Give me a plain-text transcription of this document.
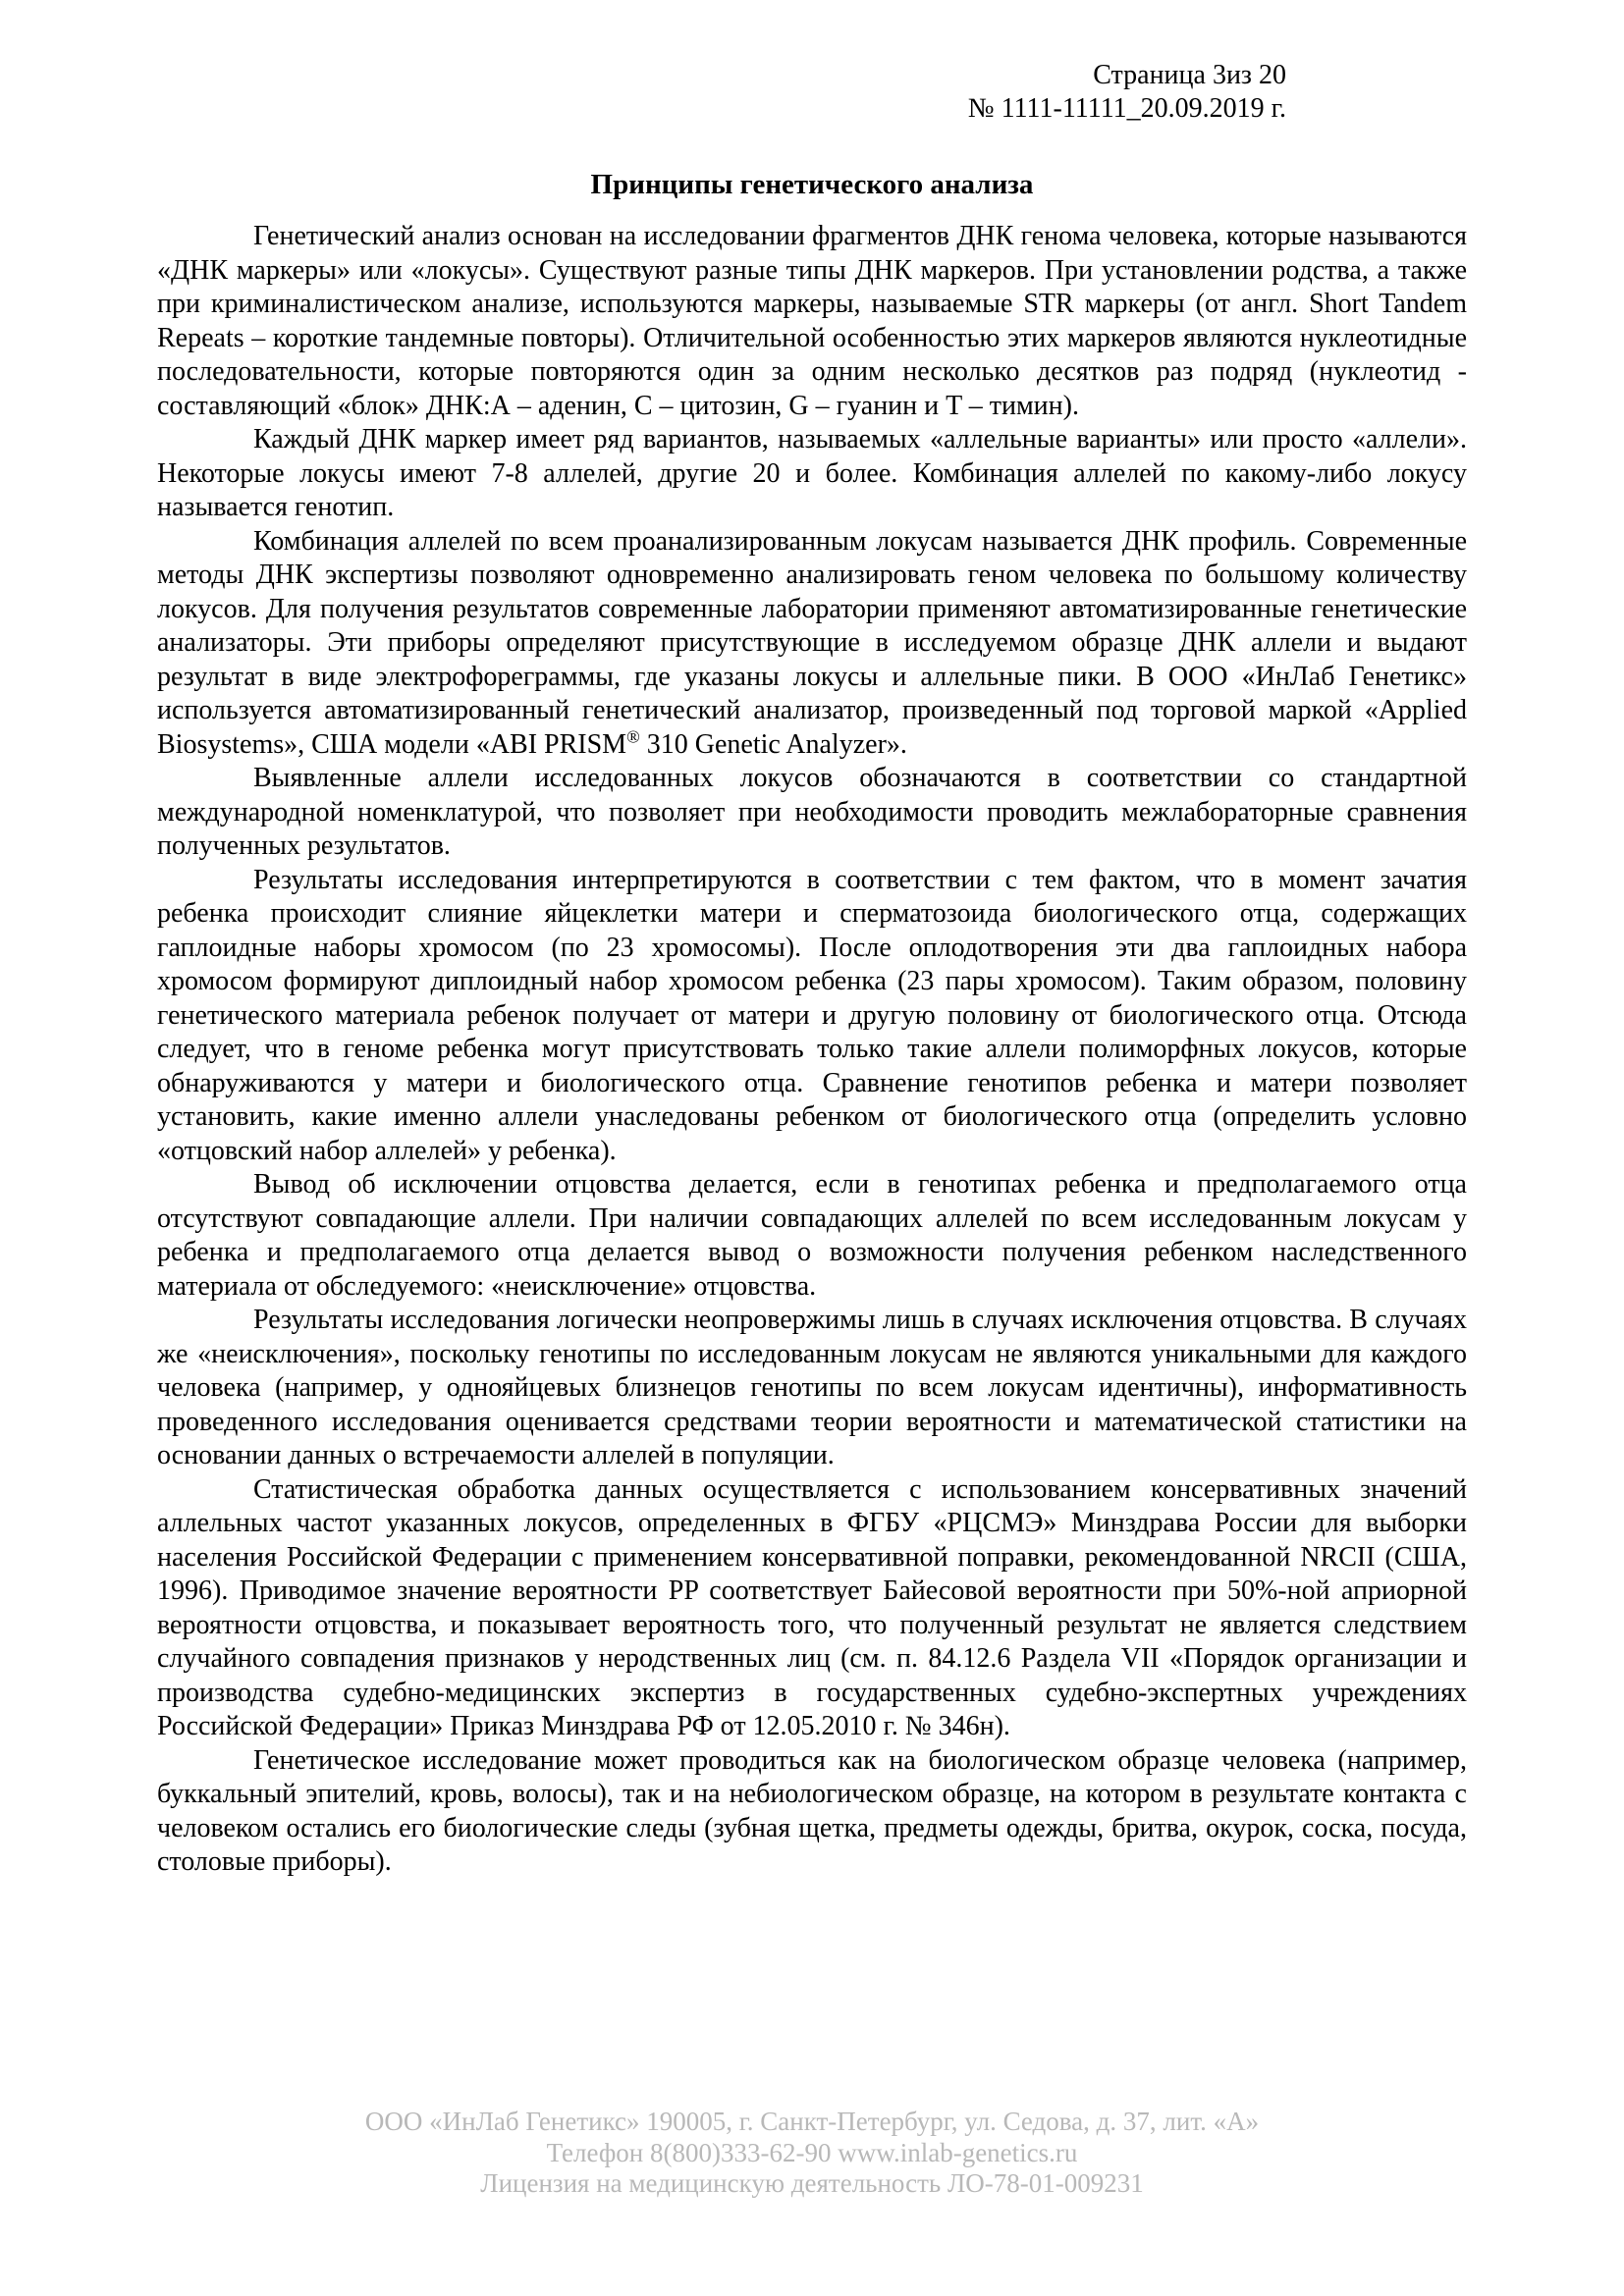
Страница 3из 20
№ 1111-11111_20.09.2019 г.
Принципы генетического анализа

Генетический анализ основан на исследовании фрагментов ДНК генома человека, которые называются «ДНК маркеры» или «локусы». Существуют разные типы ДНК маркеров. При установлении родства, а также при криминалистическом анализе, используются маркеры, называемые STR маркеры (от англ. Short Tandem Repeats – короткие тандемные повторы). Отличительной особенностью этих маркеров являются нуклеотидные последовательности, которые повторяются один за одним несколько десятков раз подряд (нуклеотид - составляющий «блок» ДНК:А – аденин, C – цитозин, G – гуанин и T – тимин).

Каждый ДНК маркер имеет ряд вариантов, называемых «аллельные варианты» или просто «аллели». Некоторые локусы имеют 7-8 аллелей, другие 20 и более. Комбинация аллелей по какому-либо локусу называется генотип.

Комбинация аллелей по всем проанализированным локусам называется ДНК профиль. Современные методы ДНК экспертизы позволяют одновременно анализировать геном человека по большому количеству локусов. Для получения результатов современные лаборатории применяют автоматизированные генетические анализаторы. Эти приборы определяют присутствующие в исследуемом образце ДНК аллели и выдают результат в виде электрофореграммы, где указаны локусы и аллельные пики. В ООО «ИнЛаб Генетикс» используется автоматизированный генетический анализатор, произведенный под торговой маркой «Applied Biosystems», США модели «ABI PRISM® 310 Genetic Analyzer».

Выявленные аллели исследованных локусов обозначаются в соответствии со стандартной международной номенклатурой, что позволяет при необходимости проводить межлабораторные сравнения полученных результатов.

Результаты исследования интерпретируются в соответствии с тем фактом, что в момент зачатия ребенка происходит слияние яйцеклетки матери и сперматозоида биологического отца, содержащих гаплоидные наборы хромосом (по 23 хромосомы). После оплодотворения эти два гаплоидных набора хромосом формируют диплоидный набор хромосом ребенка (23 пары хромосом). Таким образом, половину генетического материала ребенок получает от матери и другую половину от биологического отца. Отсюда следует, что в геноме ребенка могут присутствовать только такие аллели полиморфных локусов, которые обнаруживаются у матери и биологического отца. Сравнение генотипов ребенка и матери позволяет установить, какие именно аллели унаследованы ребенком от биологического отца (определить условно «отцовский набор аллелей» у ребенка).

Вывод об исключении отцовства делается, если в генотипах ребенка и предполагаемого отца отсутствуют совпадающие аллели. При наличии совпадающих аллелей по всем исследованным локусам у ребенка и предполагаемого отца делается вывод о возможности получения ребенком наследственного материала от обследуемого: «неисключение» отцовства.

Результаты исследования логически неопровержимы лишь в случаях исключения отцовства. В случаях же «неисключения», поскольку генотипы по исследованным локусам не являются уникальными для каждого человека (например, у однояйцевых близнецов генотипы по всем локусам идентичны), информативность проведенного исследования оценивается средствами теории вероятности и математической статистики на основании данных о встречаемости аллелей в популяции.

Статистическая обработка данных осуществляется с использованием консервативных значений аллельных частот указанных локусов, определенных в ФГБУ «РЦСМЭ» Минздрава России для выборки населения Российской Федерации с применением консервативной поправки, рекомендованной NRCII (США, 1996). Приводимое значение вероятности PP соответствует Байесовой вероятности при 50%-ной априорной вероятности отцовства, и показывает вероятность того, что полученный результат не является следствием случайного совпадения признаков у неродственных лиц (см. п. 84.12.6 Раздела VII «Порядок организации и производства судебно-медицинских экспертиз в государственных судебно-экспертных учреждениях Российской Федерации» Приказ Минздрава РФ от 12.05.2010 г. № 346н).

Генетическое исследование может проводиться как на биологическом образце человека (например, буккальный эпителий, кровь, волосы), так и на небиологическом образце, на котором в результате контакта с человеком остались его биологические следы (зубная щетка, предметы одежды, бритва, окурок, соска, посуда, столовые приборы).

ООО «ИнЛаб Генетикс» 190005, г. Санкт-Петербург, ул. Седова, д. 37, лит. «А»
Телефон 8(800)333-62-90 www.inlab-genetics.ru
Лицензия на медицинскую деятельность ЛО-78-01-009231
